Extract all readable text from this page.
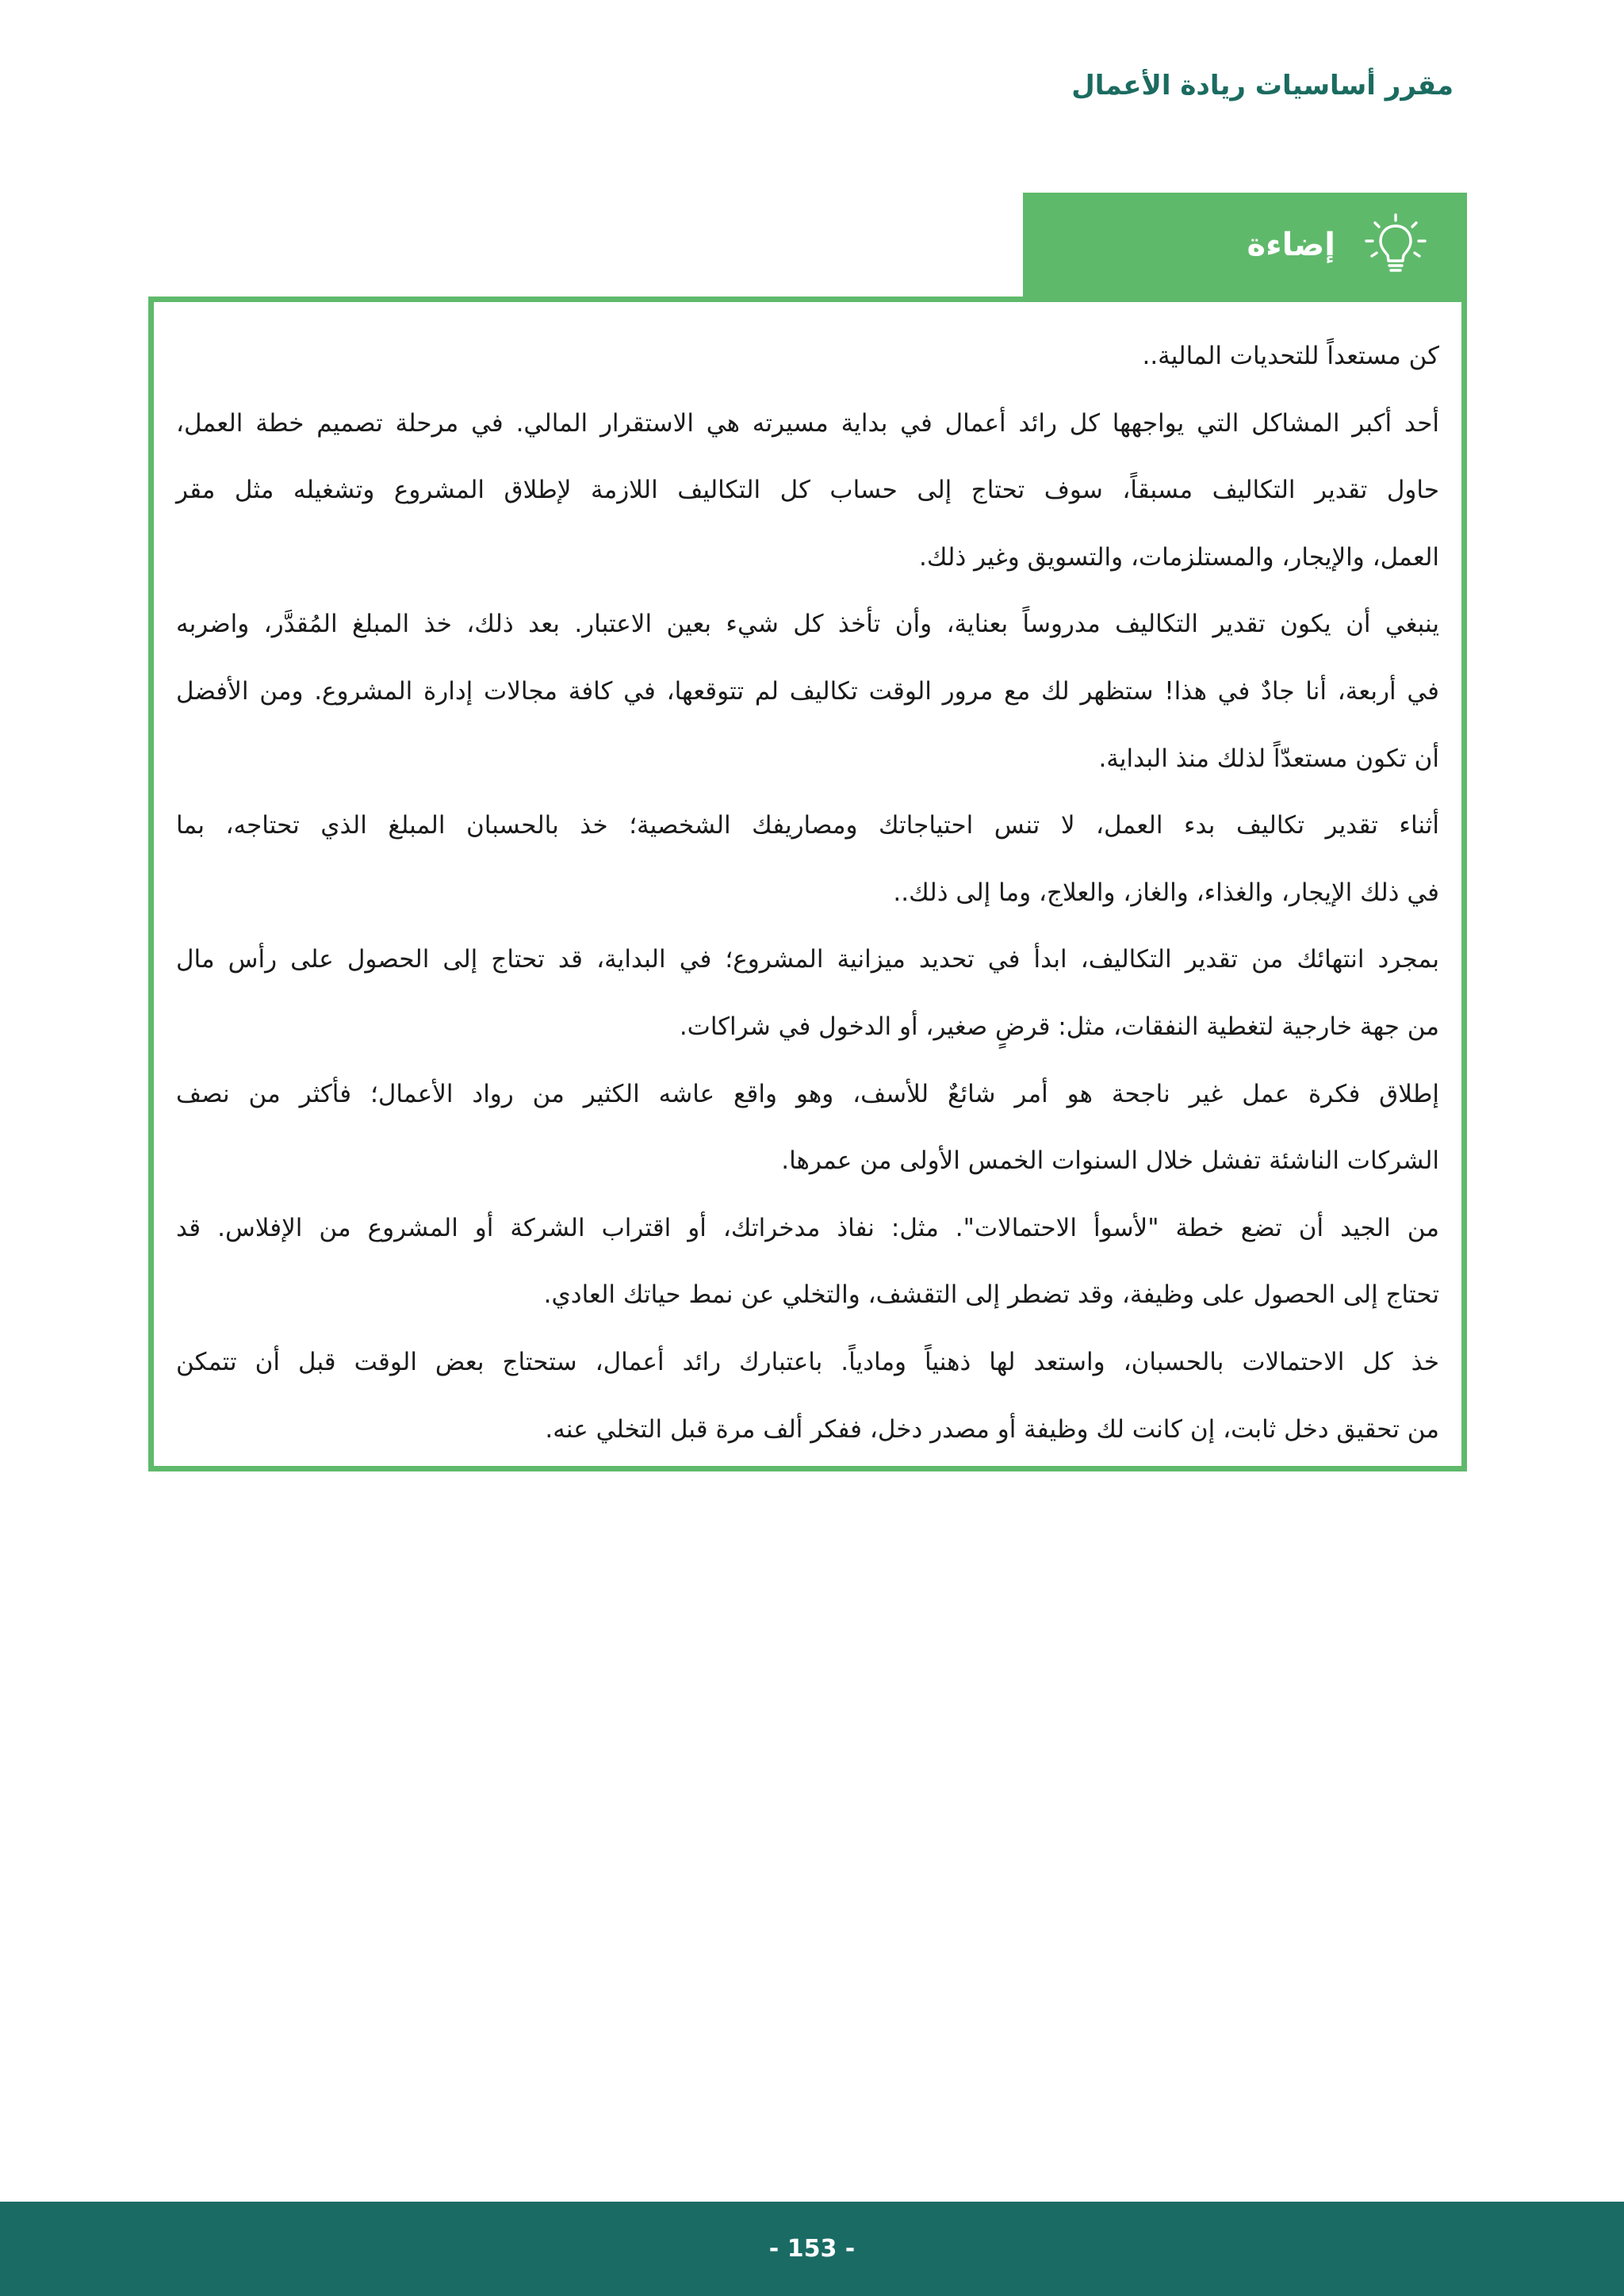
مقرر أساسيات ريادة الأعمال
إضاءة
كن مستعداً للتحديات المالية..
أحد أكبر المشاكل التي يواجهها كل رائد أعمال في بداية مسيرته هي الاستقرار المالي. في مرحلة تصميم خطة العمل،
حاول تقدير التكاليف مسبقاً، سوف تحتاج إلى حساب كل التكاليف اللازمة لإطلاق المشروع وتشغيله مثل مقر
العمل، والإيجار، والمستلزمات، والتسويق وغير ذلك.
ينبغي أن يكون تقدير التكاليف مدروساً بعناية، وأن تأخذ كل شيء بعين الاعتبار. بعد ذلك، خذ المبلغ المُقدَّر، واضربه
في أربعة، أنا جادٌ في هذا! ستظهر لك مع مرور الوقت تكاليف لم تتوقعها، في كافة مجالات إدارة المشروع. ومن الأفضل
أن تكون مستعدّاً لذلك منذ البداية.
أثناء تقدير تكاليف بدء العمل، لا تنس احتياجاتك ومصاريفك الشخصية؛ خذ بالحسبان المبلغ الذي تحتاجه، بما
في ذلك الإيجار، والغذاء، والغاز، والعلاج، وما إلى ذلك..
بمجرد انتهائك من تقدير التكاليف، ابدأ في تحديد ميزانية المشروع؛ في البداية، قد تحتاج إلى الحصول على رأس مال
من جهة خارجية لتغطية النفقات، مثل: قرضٍ صغير، أو الدخول في شراكات.
إطلاق فكرة عمل غير ناجحة هو أمر شائعٌ للأسف، وهو واقع عاشه الكثير من رواد الأعمال؛ فأكثر من نصف
الشركات الناشئة تفشل خلال السنوات الخمس الأولى من عمرها.
من الجيد أن تضع خطة "لأسوأ الاحتمالات". مثل: نفاذ مدخراتك، أو اقتراب الشركة أو المشروع من الإفلاس. قد
تحتاج إلى الحصول على وظيفة، وقد تضطر إلى التقشف، والتخلي عن نمط حياتك العادي.
خذ كل الاحتمالات بالحسبان، واستعد لها ذهنياً ومادياً. باعتبارك رائد أعمال، ستحتاج بعض الوقت قبل أن تتمكن
من تحقيق دخل ثابت، إن كانت لك وظيفة أو مصدر دخل، ففكر ألف مرة قبل التخلي عنه.
- 153 -
